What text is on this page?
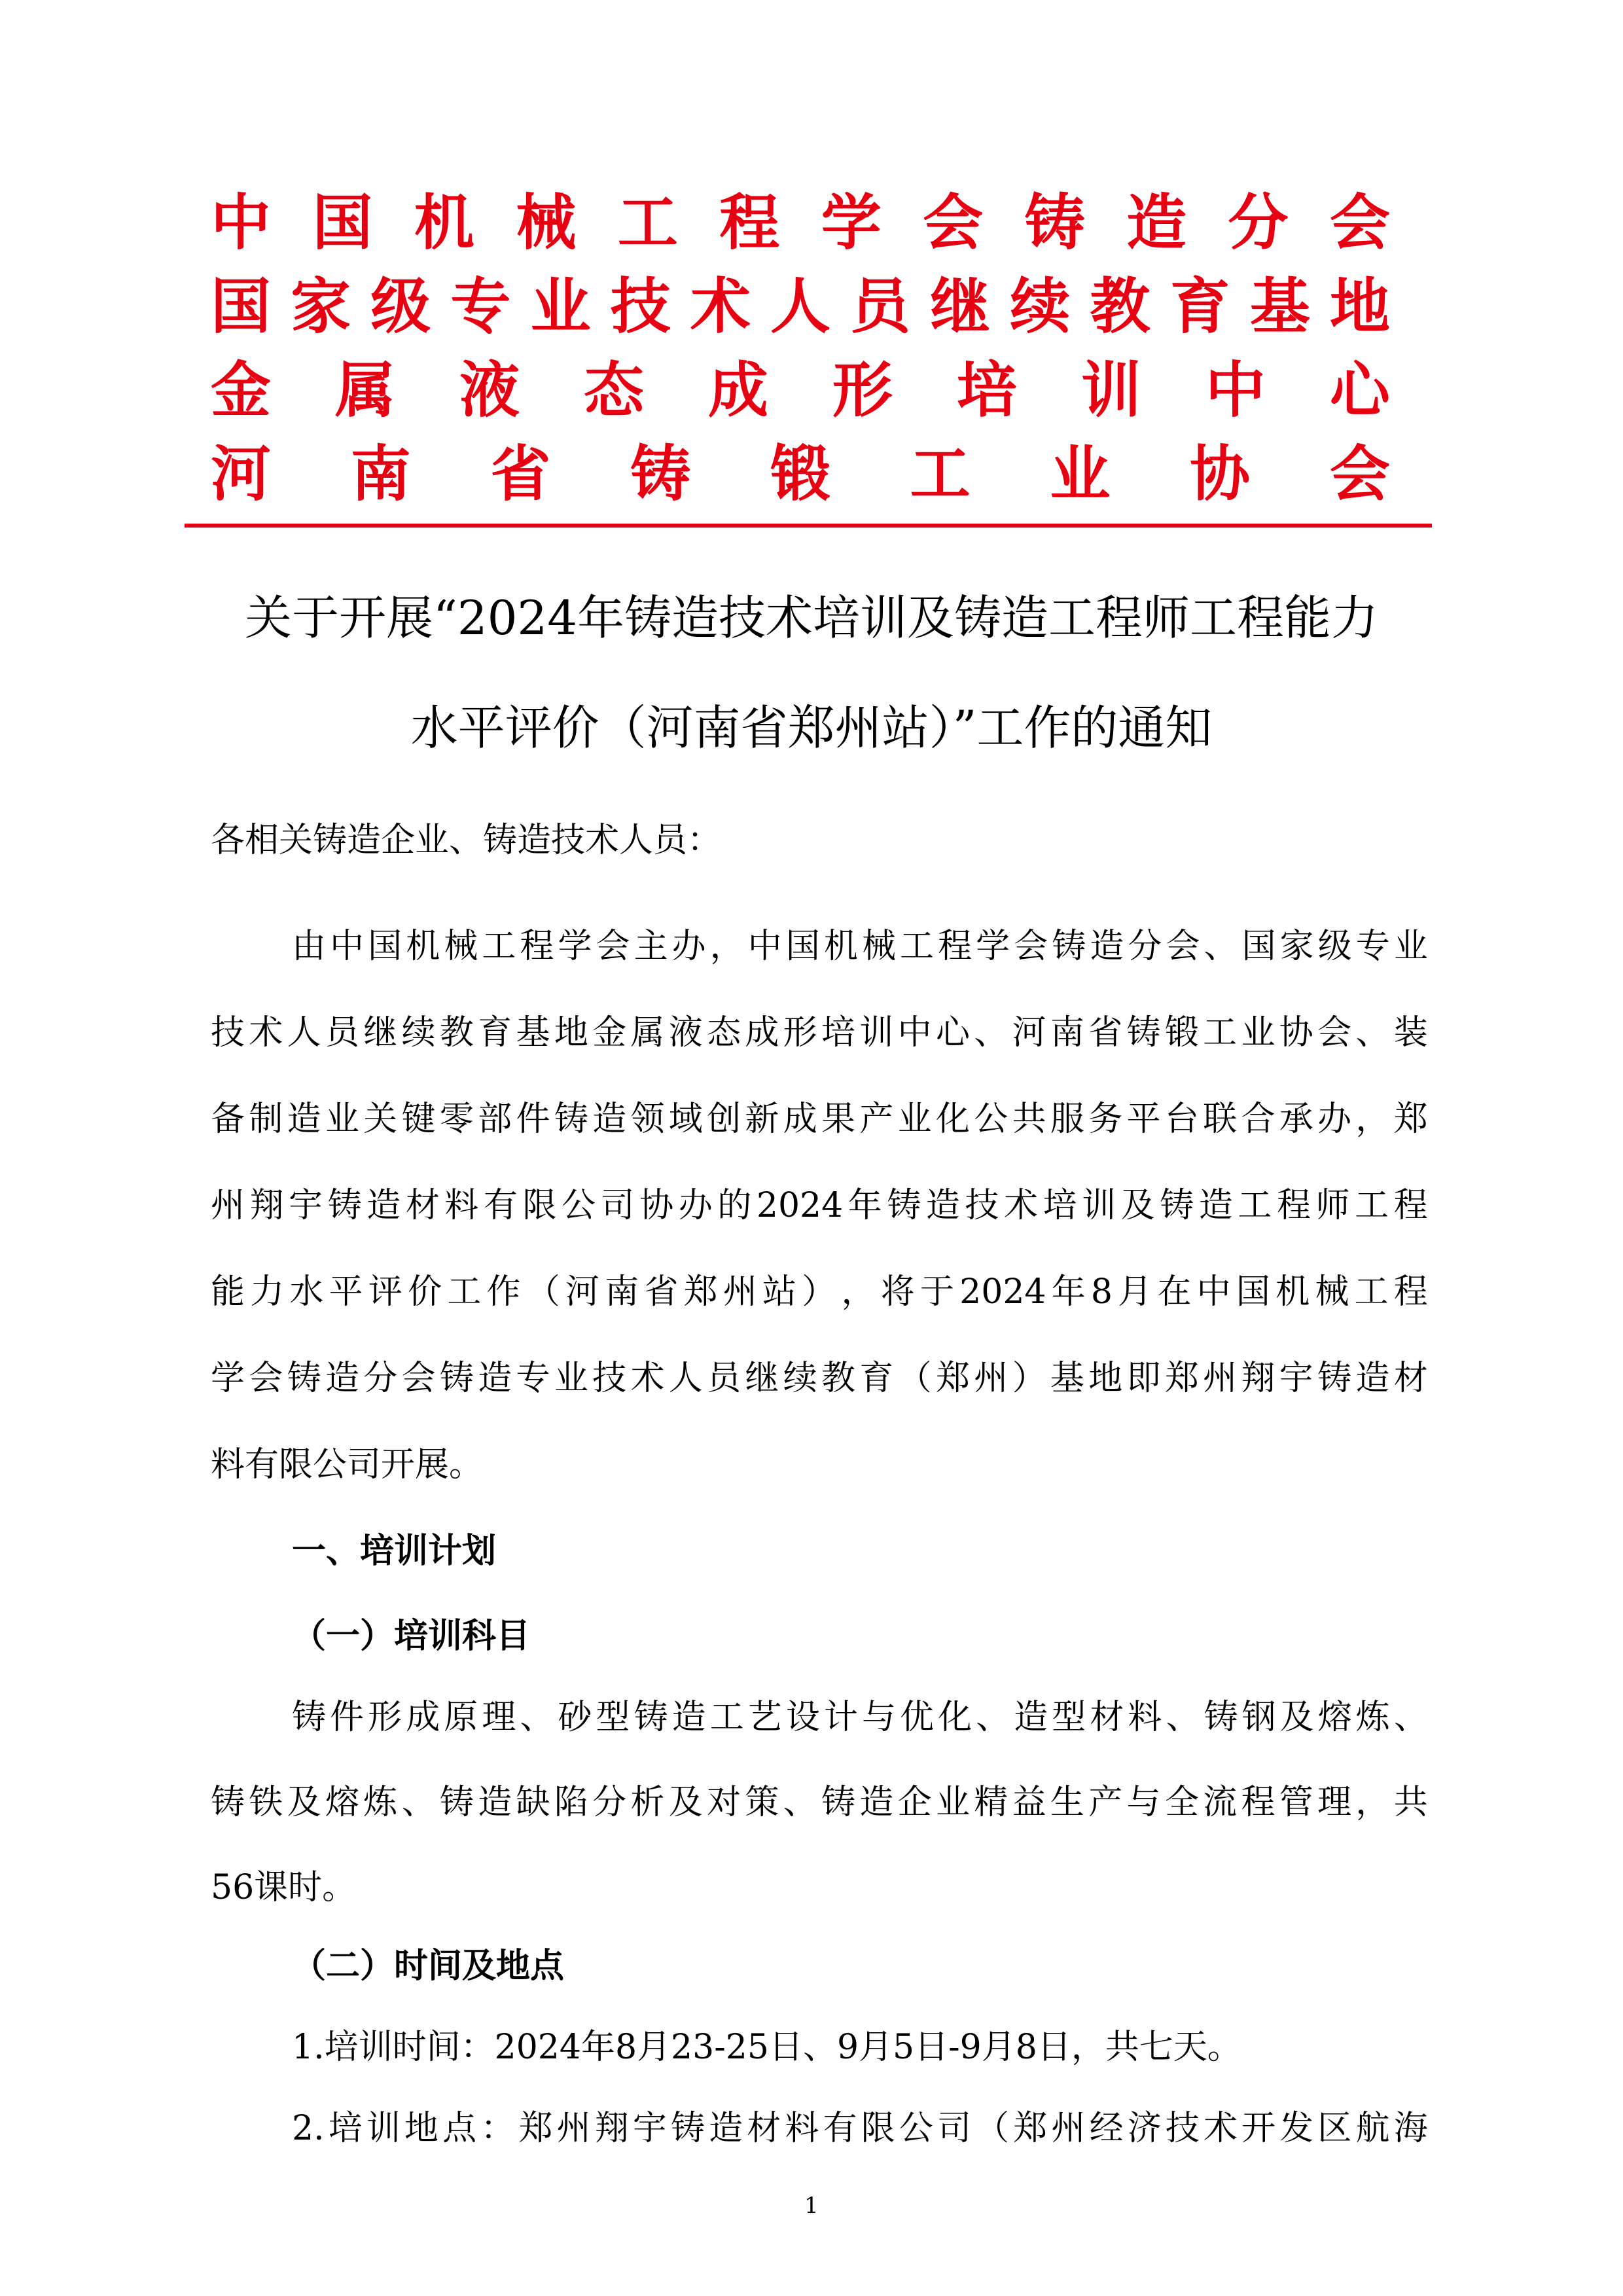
中 国 机 械 工 程 学 会 铸 造 分 会
国 家 级 专 业 技 术 人 员 继 续 教 育 基 地
金 属 液 态 成 形 培 训 中 心
河 南 省 铸 锻 工 业 协 会
关于开展“2024年铸造技术培训及铸造工程师工程能力
水平评价（河南省郑州站）”工作的通知
各相关铸造企业、铸造技术人员：
由 中 国 机 械 工 程 学 会 主 办 ， 中 国 机 械 工 程 学 会 铸 造 分 会 、 国 家 级 专 业
技 术 人 员 继 续 教 育 基 地 金 属 液 态 成 形 培 训 中 心 、 河 南 省 铸 锻 工 业 协 会 、 装
备 制 造 业 关 键 零 部 件 铸 造 领 域 创 新 成 果 产 业 化 公 共 服 务 平 台 联 合 承 办 ， 郑
州 翔 宇 铸 造 材 料 有 限 公 司 协 办 的 2024 年 铸 造 技 术 培 训 及 铸 造 工 程 师 工 程
能 力 水 平 评 价 工 作 （ 河 南 省 郑 州 站 ） ， 将 于 2024 年 8 月 在 中 国 机 械 工 程
学 会 铸 造 分 会 铸 造 专 业 技 术 人 员 继 续 教 育 （ 郑 州 ） 基 地 即 郑 州 翔 宇 铸 造 材
料有限公司开展。
一、培训计划
（一）培训科目
铸 件 形 成 原 理 、 砂 型 铸 造 工 艺 设 计 与 优 化 、 造 型 材 料 、 铸 钢 及 熔 炼 、
铸 铁 及 熔 炼 、 铸 造 缺 陷 分 析 及 对 策 、 铸 造 企 业 精 益 生 产 与 全 流 程 管 理 ， 共
56课时。
（二）时间及地点
1.培训时间：2024年8月23-25日、9月5日-9月8日，共七天。
2. 培 训 地 点 ： 郑 州 翔 宇 铸 造 材 料 有 限 公 司 （ 郑 州 经 济 技 术 开 发 区 航 海
1
